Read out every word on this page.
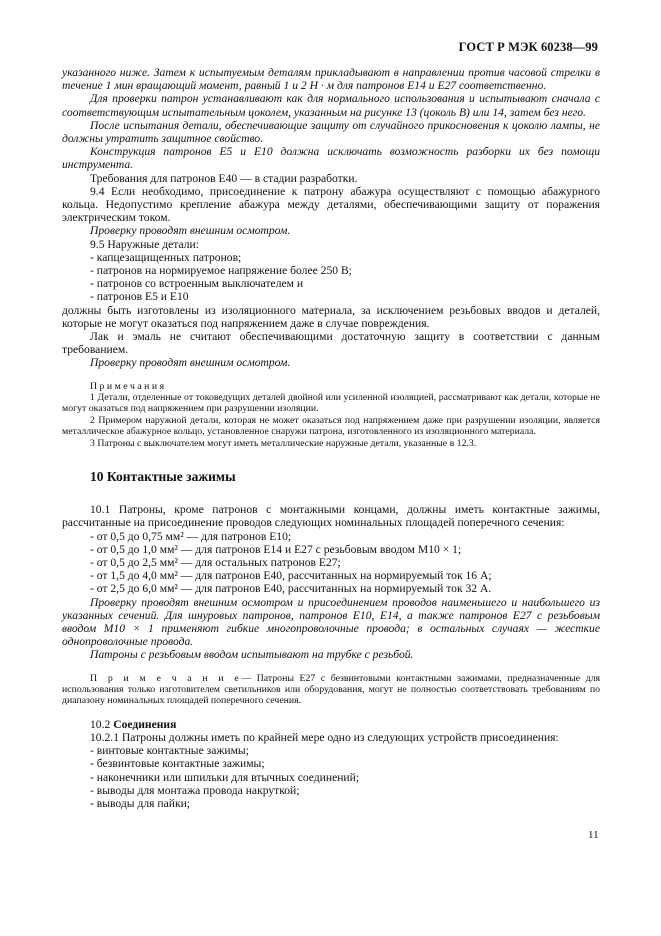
ГОСТ Р МЭК 60238—99

указанного ниже. Затем к испытуемым деталям прикладывают в направлении против часовой стрелки в течение 1 мин вращающий момент, равный 1 и 2 Н · м для патронов Е14 и Е27 соответственно.

Для проверки патрон устанавливают как для нормального использования и испытывают сначала с соответствующим испытательным цоколем, указанным на рисунке 13 (цоколь В) или 14, затем без него.

После испытания детали, обеспечивающие защиту от случайного прикосновения к цоколю лампы, не должны утратить защитное свойство.

Конструкция патронов Е5 и Е10 должна исключать возможность разборки их без помощи инструмента.

Требования для патронов Е40 — в стадии разработки.

9.4 Если необходимо, присоединение к патрону абажура осуществляют с помощью абажурного кольца. Недопустимо крепление абажура между деталями, обеспечивающими защиту от поражения электрическим током.

Проверку проводят внешним осмотром.

9.5 Наружные детали:

- капцезащищенных патронов;

- патронов на нормируемое напряжение более 250 В;

- патронов со встроенным выключателем и

- патронов Е5 и Е10

должны быть изготовлены из изоляционного материала, за исключением резьбовых вводов и деталей, которые не могут оказаться под напряжением даже в случае повреждения.

Лак и эмаль не считают обеспечивающими достаточную защиту в соответствии с данным требованием.

Проверку проводят внешним осмотром.

П р и м е ч а н и я

1 Детали, отделенные от токоведущих деталей двойной или усиленной изоляцией, рассматривают как детали, которые не могут оказаться под напряжением при разрушении изоляции.

2 Примером наружной детали, которая не может оказаться под напряжением даже при разрушении изоляции, является металлическое абажурное кольцо, установленное снаружи патрона, изготовленного из изоляционного материала.

3 Патроны с выключателем могут иметь металлические наружные детали, указанные в 12.3.

10 Контактные зажимы

10.1 Патроны, кроме патронов с монтажными концами, должны иметь контактные зажимы, рассчитанные на присоединение проводов следующих номинальных площадей поперечного сечения:

- от 0,5 до 0,75 мм² — для патронов Е10;

- от 0,5 до 1,0 мм² — для патронов Е14 и Е27 с резьбовым вводом М10 × 1;

- от 0,5 до 2,5 мм² — для остальных патронов Е27;

- от 1,5 до 4,0 мм² — для патронов Е40, рассчитанных на нормируемый ток 16 А;

- от 2,5 до 6,0 мм² — для патронов Е40, рассчитанных на нормируемый ток 32 А.

Проверку проводят внешним осмотром и присоединением проводов наименьшего и наибольшего из указанных сечений. Для шнуровых патронов, патронов Е10, Е14, а также патронов Е27 с резьбовым вводом М10 × 1 применяют гибкие многопроволочные провода; в остальных случаях — жесткие однопроволочные провода.

Патроны с резьбовым вводом испытывают на трубке с резьбой.

П р и м е ч а н и е— Патроны Е27 с безвинтовыми контактными зажимами, предназначенные для использования только изготовителем светильников или оборудования, могут не полностью соответствовать требованиям по диапазону номинальных площадей поперечного сечения.

10.2 Соединения

10.2.1 Патроны должны иметь по крайней мере одно из следующих устройств присоединения:

- винтовые контактные зажимы;

- безвинтовые контактные зажимы;

- наконечники или шпильки для втычных соединений;

- выводы для монтажа провода накруткой;

- выводы для пайки;

11
